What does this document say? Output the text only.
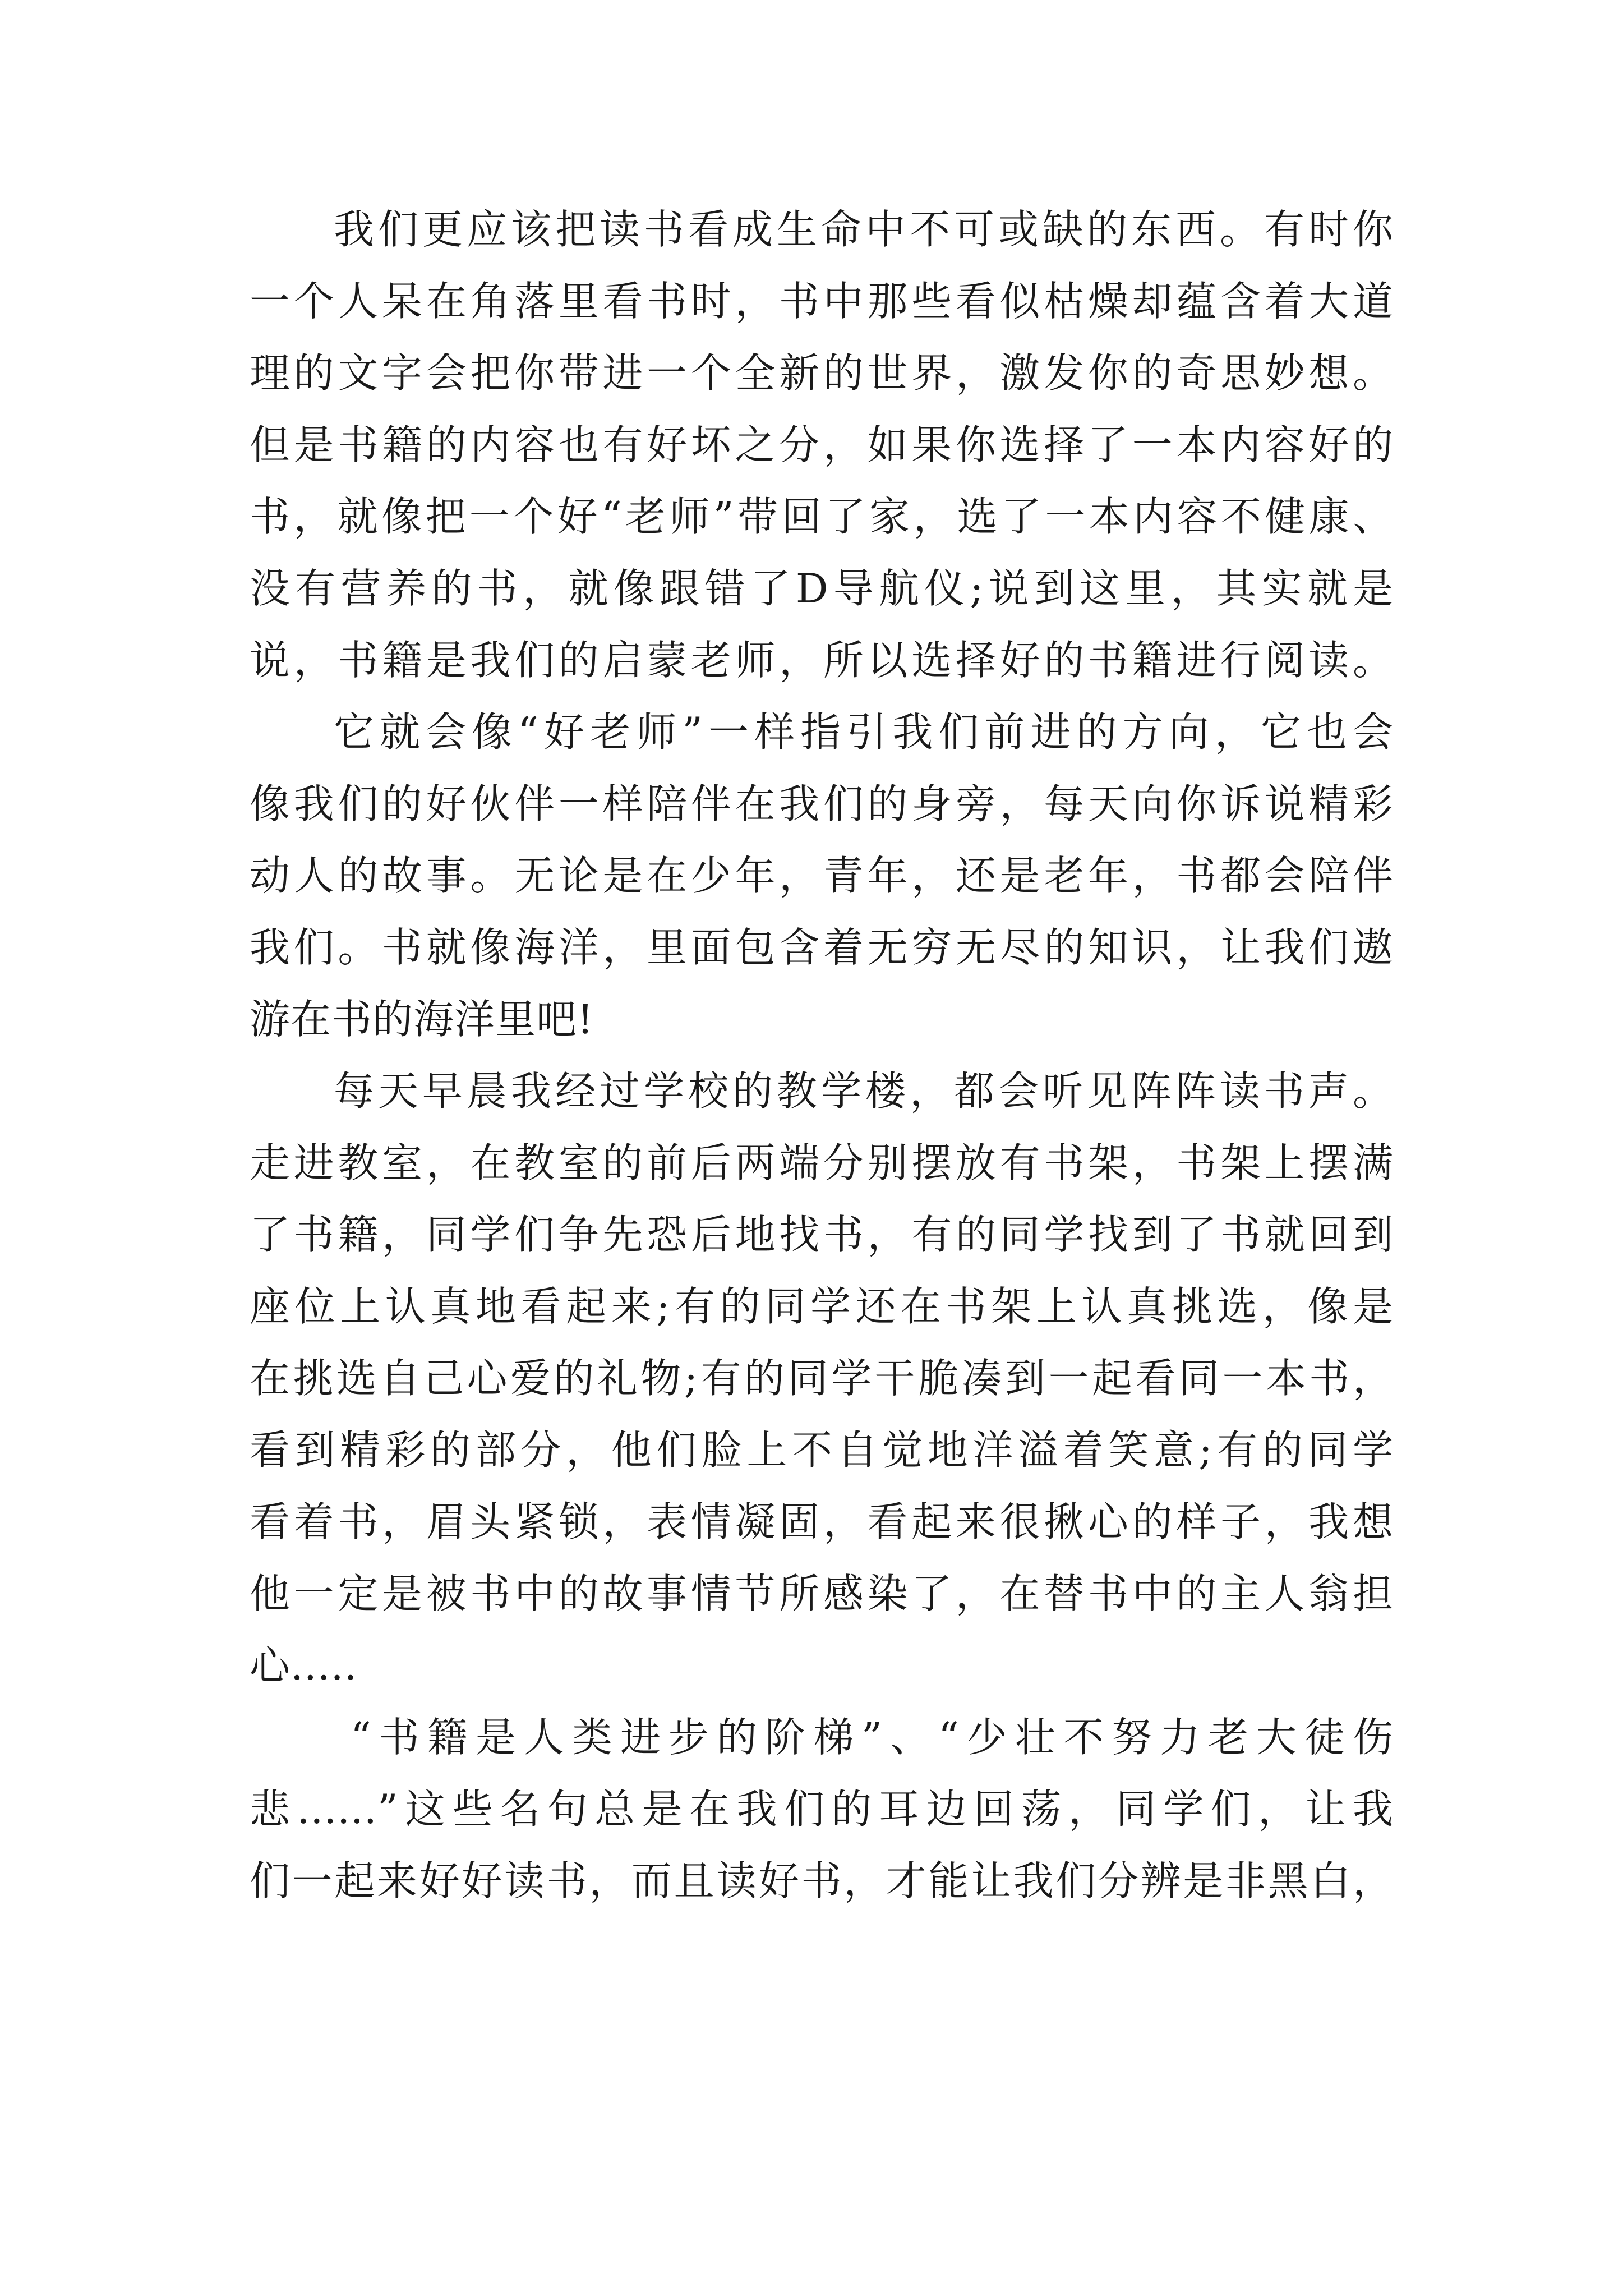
我们更应该把读书看成生命中不可或缺的东西。有时你
一个人呆在角落里看书时，书中那些看似枯燥却蕴含着大道
理的文字会把你带进一个全新的世界，激发你的奇思妙想。
但是书籍的内容也有好坏之分，如果你选择了一本内容好的
书，就像把一个好“老师”带回了家，选了一本内容不健康、
没有营养的书，就像跟错了D导航仪;说到这里，其实就是
说，书籍是我们的启蒙老师，所以选择好的书籍进行阅读。
它就会像“好老师”一样指引我们前进的方向，它也会
像我们的好伙伴一样陪伴在我们的身旁，每天向你诉说精彩
动人的故事。无论是在少年，青年，还是老年，书都会陪伴
我们。书就像海洋，里面包含着无穷无尽的知识，让我们遨
游在书的海洋里吧!
每天早晨我经过学校的教学楼，都会听见阵阵读书声。
走进教室，在教室的前后两端分别摆放有书架，书架上摆满
了书籍，同学们争先恐后地找书，有的同学找到了书就回到
座位上认真地看起来;有的同学还在书架上认真挑选，像是
在挑选自己心爱的礼物;有的同学干脆凑到一起看同一本书，
看到精彩的部分，他们脸上不自觉地洋溢着笑意;有的同学
看着书，眉头紧锁，表情凝固，看起来很揪心的样子，我想
他一定是被书中的故事情节所感染了，在替书中的主人翁担
心.....
“书籍是人类进步的阶梯”、“少壮不努力老大徒伤
悲......”这些名句总是在我们的耳边回荡，同学们，让我
们一起来好好读书，而且读好书，才能让我们分辨是非黑白，
